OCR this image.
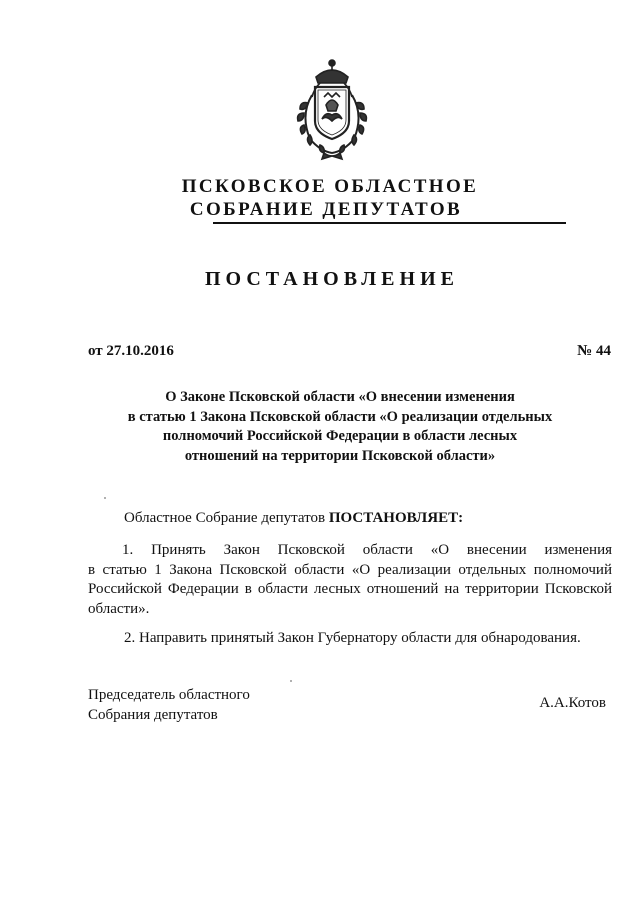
ПСКОВСКОЕ ОБЛАСТНОЕ
СОБРАНИЕ ДЕПУТАТОВ
ПОСТАНОВЛЕНИЕ
от 27.10.2016	№ 44
О Законе Псковской области «О внесении изменения
в статью 1 Закона Псковской области «О реализации отдельных
полномочий Российской Федерации в области лесных
отношений на территории Псковской области»
Областное Собрание депутатов ПОСТАНОВЛЯЕТ:
1. Принять Закон Псковской области «О внесении изменения
в статью 1 Закона Псковской области «О реализации отдельных полномочий
Российской Федерации в области лесных отношений на территории Псковской
области».
2. Направить принятый Закон Губернатору области для обнародования.
Председатель областного
Собрания депутатов
А.А.Котов
